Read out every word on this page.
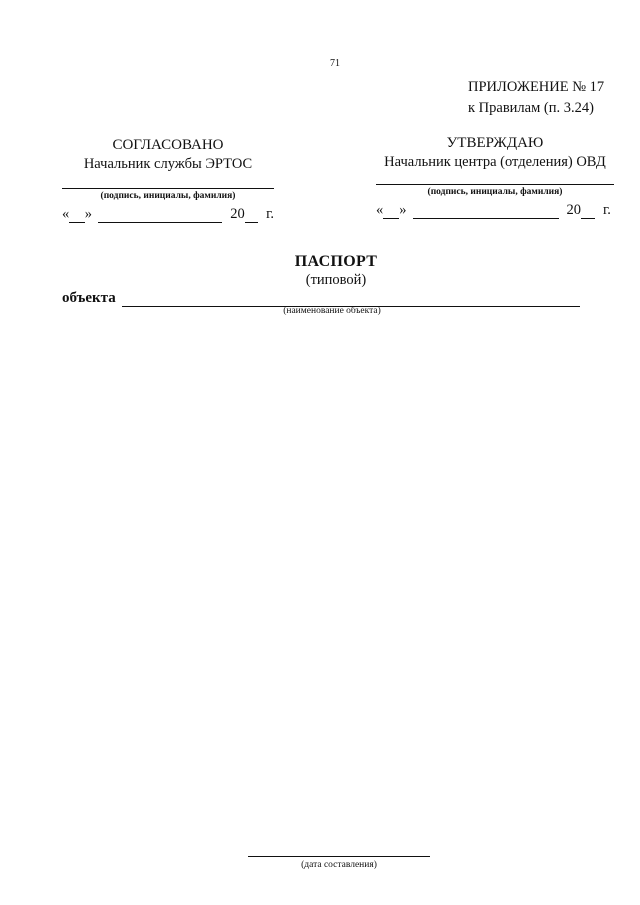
71
ПРИЛОЖЕНИЕ № 17
к Правилам (п. 3.24)
СОГЛАСОВАНО
Начальник службы ЭРТОС
(подпись, инициалы, фамилия)
« »	20 г.
УТВЕРЖДАЮ
Начальник центра (отделения) ОВД
(подпись, инициалы, фамилия)
« »	20 г.
ПАСПОРТ
(типовой)
объекта
(наименование объекта)
(дата составления)
